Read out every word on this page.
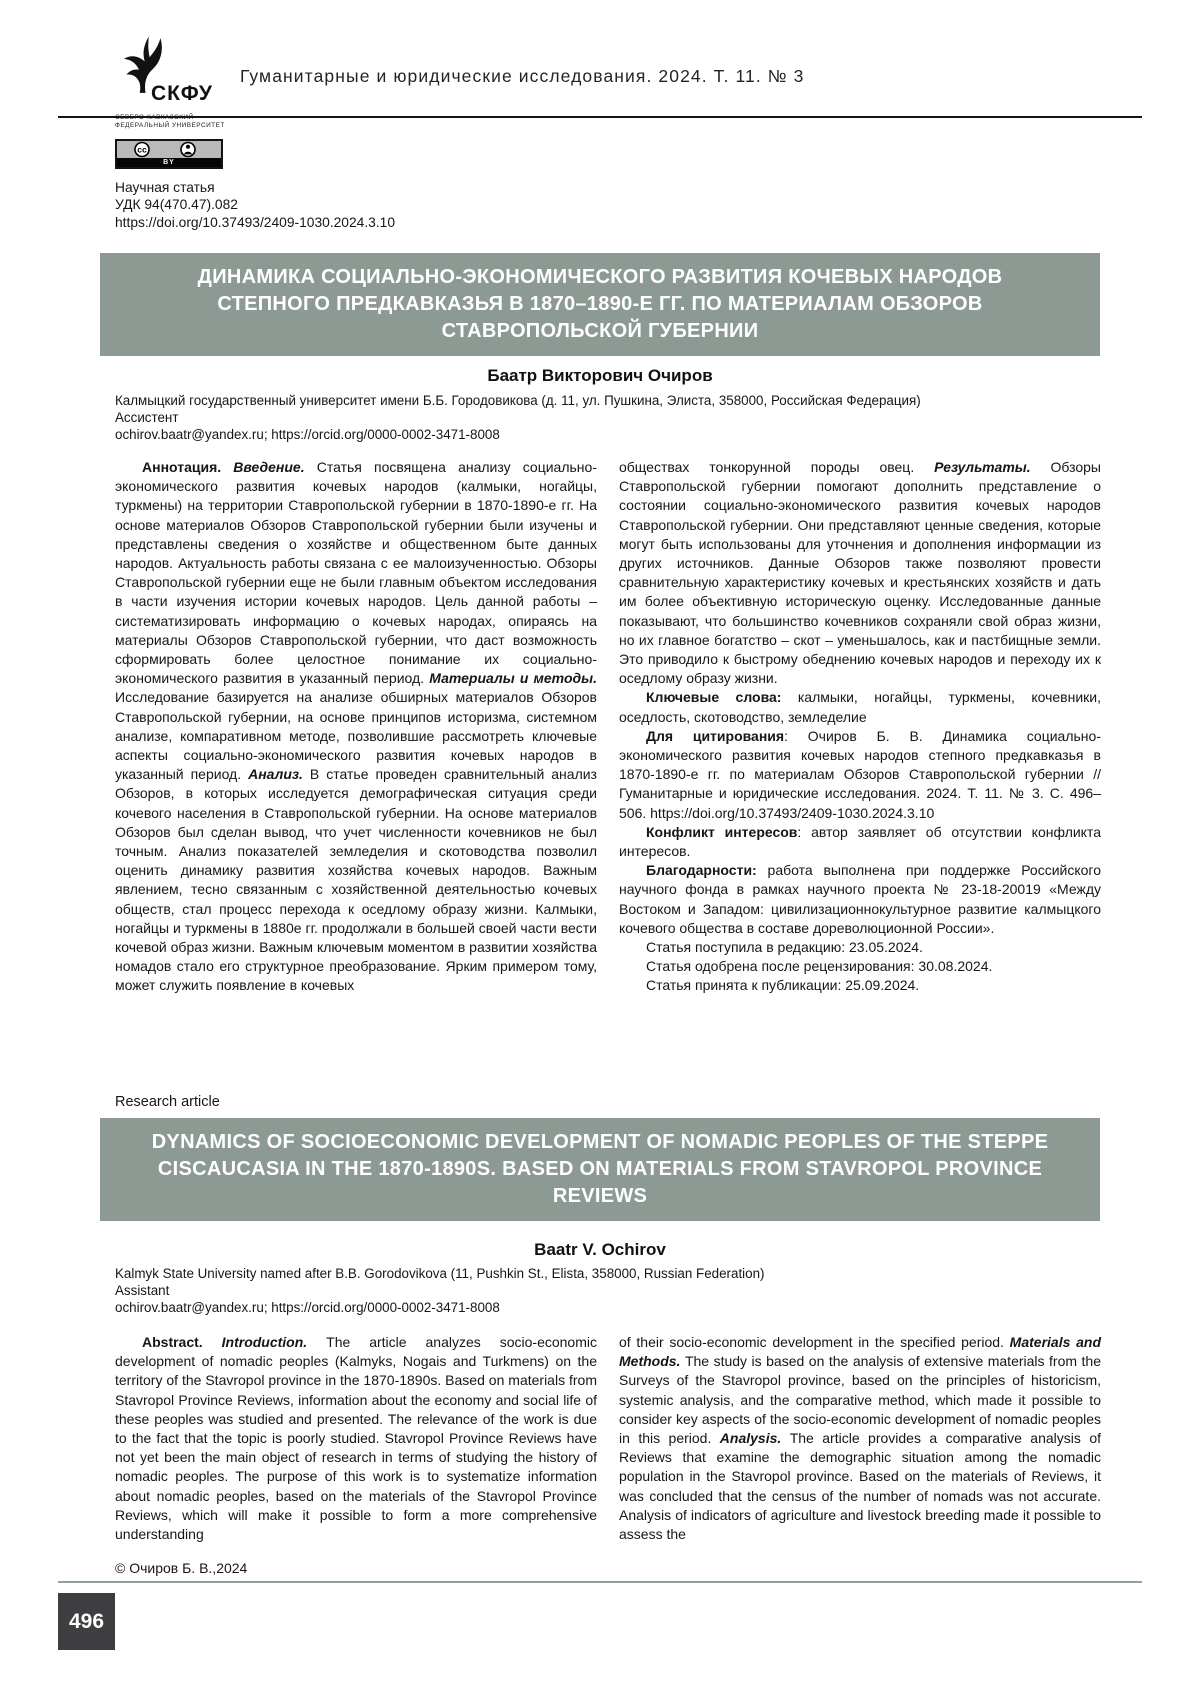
СКФУ
ФЕДЕРАЛЬНЫЙ УНИВЕРСИТЕТ
Гуманитарные и юридические исследования. 2024. Т. 11. № 3
cc
BY
Научная статья
УДК 94(470.47).082
https://doi.org/10.37493/2409-1030.2024.3.10
ДИНАМИКА СОЦИАЛЬНО-ЭКОНОМИЧЕСКОГО РАЗВИТИЯ КОЧЕВЫХ НАРОДОВ СТЕПНОГО ПРЕДКАВКАЗЬЯ В 1870–1890-Е ГГ. ПО МАТЕРИАЛАМ ОБЗОРОВ СТАВРОПОЛЬСКОЙ ГУБЕРНИИ
Баатр Викторович Очиров
Калмыцкий государственный университет имени Б.Б. Городовикова (д. 11, ул. Пушкина, Элиста, 358000, Российская Федерация)
Ассистент
ochirov.baatr@yandex.ru; https://orcid.org/0000-0002-3471-8008

Аннотация. Введение. Статья посвящена анализу социально-экономического развития кочевых народов (калмыки, ногайцы, туркмены) на территории Ставропольской губернии в 1870-1890-е гг. На основе материалов Обзоров Ставропольской губернии были изучены и представлены сведения о хозяйстве и общественном быте данных народов. Актуальность работы связана с ее малоизученностью. Обзоры Ставропольской губернии еще не были главным объектом исследования в части изучения истории кочевых народов. Цель данной работы – систематизировать информацию о кочевых народах, опираясь на материалы Обзоров Ставропольской губернии, что даст возможность сформировать более целостное понимание их социально-экономического развития в указанный период. Материалы и методы. Исследование базируется на анализе обширных материалов Обзоров Ставропольской губернии, на основе принципов историзма, системном анализе, компаративном методе, позволившие рассмотреть ключевые аспекты социально-экономического развития кочевых народов в указанный период. Анализ. В статье проведен сравнительный анализ Обзоров, в которых исследуется демографическая ситуация среди кочевого населения в Ставропольской губернии. На основе материалов Обзоров был сделан вывод, что учет численности кочевников не был точным. Анализ показателей земледелия и скотоводства позволил оценить динамику развития хозяйства кочевых народов. Важным явлением, тесно связанным с хозяйственной деятельностью кочевых обществ, стал процесс перехода к оседлому образу жизни. Калмыки, ногайцы и туркмены в 1880е гг. продолжали в большей своей части вести кочевой образ жизни. Важным ключевым моментом в развитии хозяйства номадов стало его структурное преобразование. Ярким примером тому, может служить появление в кочевых

обществах тонкорунной породы овец. Результаты. Обзоры Ставропольской губернии помогают дополнить представление о состоянии социально-экономического развития кочевых народов Ставропольской губернии. Они представляют ценные сведения, которые могут быть использованы для уточнения и дополнения информации из других источников. Данные Обзоров также позволяют провести сравнительную характеристику кочевых и крестьянских хозяйств и дать им более объективную историческую оценку. Исследованные данные показывают, что большинство кочевников сохраняли свой образ жизни, но их главное богатство – скот – уменьшалось, как и пастбищные земли. Это приводило к быстрому обеднению кочевых народов и переходу их к оседлому образу жизни.

Ключевые слова: калмыки, ногайцы, туркмены, кочевники, оседлость, скотоводство, земледелие

Для цитирования: Очиров Б. В. Динамика социально-экономического развития кочевых народов степного предкавказья в 1870-1890-е гг. по материалам Обзоров Ставропольской губернии // Гуманитарные и юридические исследования. 2024. Т. 11. № 3. С. 496–506. https://doi.org/10.37493/2409-1030.2024.3.10

Конфликт интересов: автор заявляет об отсутствии конфликта интересов.

Благодарности: работа выполнена при поддержке Российского научного фонда в рамках научного проекта № 23-18-20019 «Между Востоком и Западом: цивилизационнокультурное развитие калмыцкого кочевого общества в составе дореволюционной России».

Статья поступила в редакцию: 23.05.2024.

Статья одобрена после рецензирования: 30.08.2024.

Статья принята к публикации: 25.09.2024.

Research article
DYNAMICS OF SOCIOECONOMIC DEVELOPMENT OF NOMADIC PEOPLES OF THE STEPPE CISCAUCASIA IN THE 1870-1890S. BASED ON MATERIALS FROM STAVROPOL PROVINCE REVIEWS
Baatr V. Ochirov
Kalmyk State University named after B.B. Gorodovikova (11, Pushkin St., Elista, 358000, Russian Federation)
Assistant
ochirov.baatr@yandex.ru; https://orcid.org/0000-0002-3471-8008

Abstract. Introduction. The article analyzes socio-economic development of nomadic peoples (Kalmyks, Nogais and Turkmens) on the territory of the Stavropol province in the 1870-1890s. Based on materials from Stavropol Province Reviews, information about the economy and social life of these peoples was studied and presented. The relevance of the work is due to the fact that the topic is poorly studied. Stavropol Province Reviews have not yet been the main object of research in terms of studying the history of nomadic peoples. The purpose of this work is to systematize information about nomadic peoples, based on the materials of the Stavropol Province Reviews, which will make it possible to form a more comprehensive understanding

of their socio-economic development in the specified period. Materials and Methods. The study is based on the analysis of extensive materials from the Surveys of the Stavropol province, based on the principles of historicism, systemic analysis, and the comparative method, which made it possible to consider key aspects of the socio-economic development of nomadic peoples in this period. Analysis. The article provides a comparative analysis of Reviews that examine the demographic situation among the nomadic population in the Stavropol province. Based on the materials of Reviews, it was concluded that the census of the number of nomads was not accurate. Analysis of indicators of agriculture and livestock breeding made it possible to assess the

© Очиров Б. В.,2024
496
